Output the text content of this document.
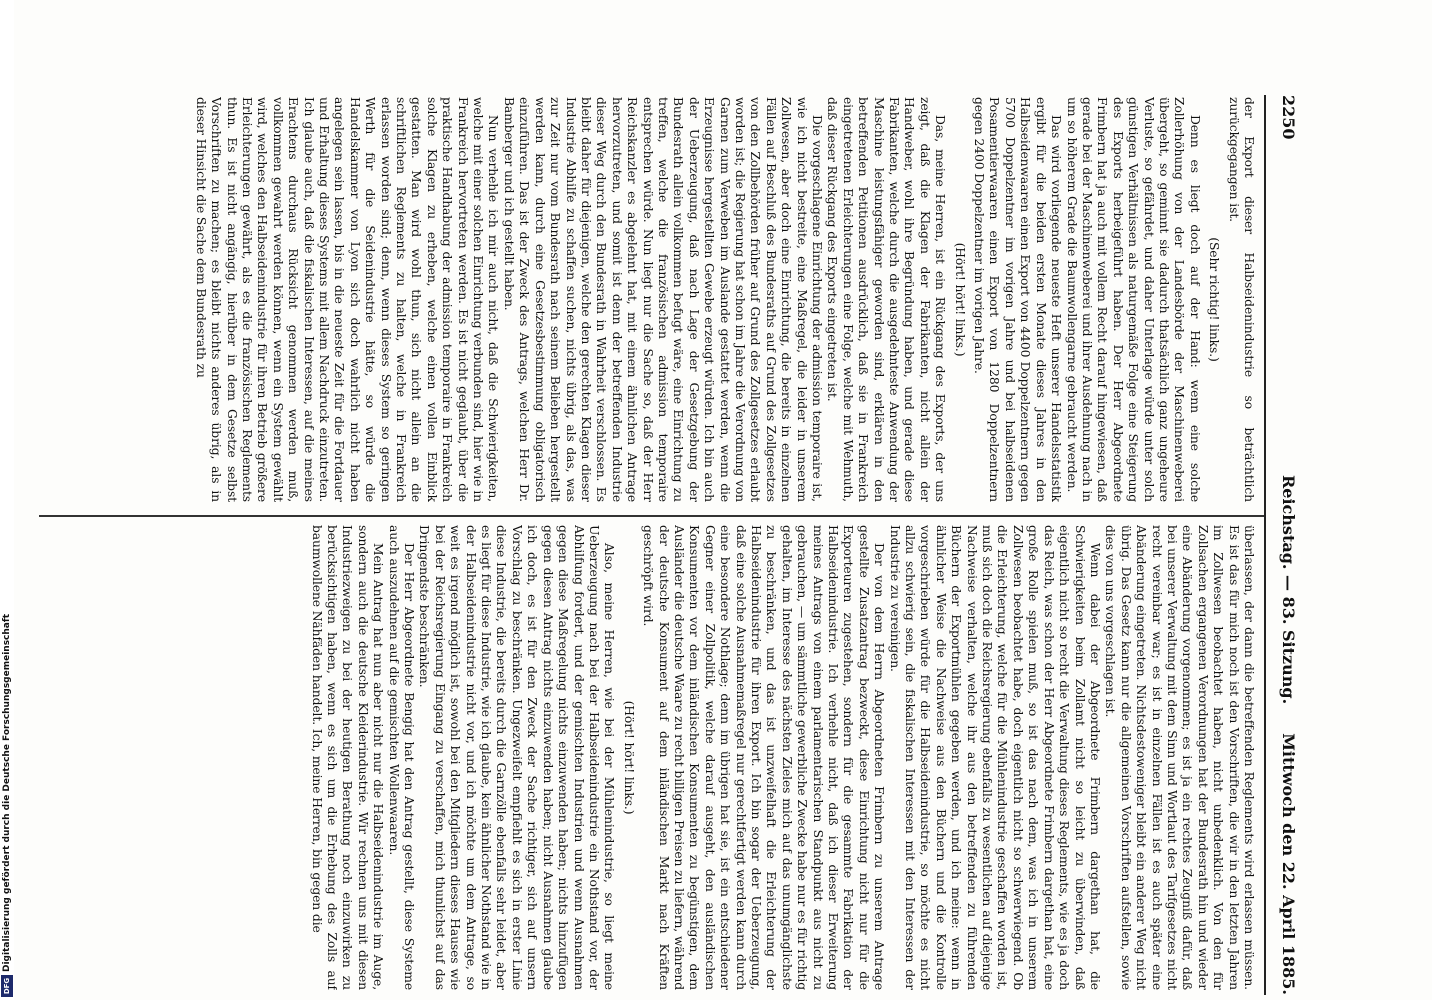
2250
Reichstag. — 83. Sitzung.
Mittwoch den 22. April 1885.

der Export dieser Halbseidenindustrie so beträchtlich zurückgegangen ist.

(Sehr richtig! links.)

Denn es liegt doch auf der Hand: wenn eine solche Zollerhöhung von der Landesbörde der Maschinenweberei übergeht, so geminnt sie dadurch thatsächlich ganz ungeheure Verluste, so gefährdet, und daher Unterlage würde unter solch günstigen Verhältnissen als naturgemäße Folge eine Steigerung des Exports herbeigeführt haben. Der Herr Abgeordnete Frimbern hat ja auch mit vollem Recht darauf hingewiesen, daß gerade bei der Maschinenweberei und ihrer Ausdehnung nach in um so höherem Grade die Baumwollengarne gebraucht werden.

Das wird vorliegende neueste Heft unserer Handelsstatistik ergibt für die beiden ersten Monate dieses Jahres in den Halbseidenwaaren einen Export von 4400 Doppelzentnern gegen 5700 Doppelzentner im vorigen Jahre und bei halbseidenen Posamentierwaaren einen Export von 1280 Doppelzentnern gegen 2400 Doppelzentner im vorigen Jahre.

(Hört! hört! links.)

Das, meine Herren, ist ein Rückgang des Exports, der uns zeigt, daß die Klagen der Fabrikanten, nicht allein der Handweber, wohl ihre Begründung haben, und gerade diese Fabrikanten, welche durch die ausgedehnteste Anwendung der Maschine leistungsfähiger geworden sind, erklären in den betreffenden Petitionen ausdrücklich, daß sie in Frankreich eingetretenen Erleichterungen eine Folge, welche mit Wehmuth, daß dieser Rückgang des Exports eingetreten ist.

Die vorgeschlagene Einrichtung der admission temporaire ist, wie ich nicht bestreite, eine Maßregel, die leider in unserem Zollwesen, aber doch eine Einrichtung, die bereits in einzelnen Fällen auf Beschluß des Bundesraths auf Grund des Zollgesetzes von den Zollbehörden früher auf Grund des Zollgesetzes erlaubt worden ist; die Regierung hat schon im Jahre die Verordnung von Garnen zum Verweben im Auslande gestattet werden, wenn die Erzeugnisse hergestellten Gewebe erzeugt würden. Ich bin auch der Ueberzeugung, daß nach Lage der Gesetzgebung der Bundesrath allein vollkommen befugt wäre, eine Einrichtung zu treffen, welche die französischen admission temporaire entsprechen würde. Nun liegt nur die Sache so, daß der Herr Reichskanzler es abgelehnt hat, mit einem ähnlichen Antrage hervorzutreten, und somit ist denn der betreffenden Industrie dieser Weg durch den Bundesrath in Wahrheit verschlossen. Es bleibt daher für diejenigen, welche den gerechten Klagen dieser Industrie Abhilfe zu schaffen suchen, nichts übrig, als das, was zur Zeit nur vom Bundesrath nach seinem Belieben hergestellt werden kann, durch eine Gesetzesbestimmung obligatorisch einzuführen. Das ist der Zweck des Antrags, welchen Herr Dr. Bamberger und ich gestellt haben.

Nun verhehle ich mir auch nicht, daß die Schwierigkeiten, welche mit einer solchen Einrichtung verbunden sind, hier wie in Frankreich hervortreten werden. Es ist nicht geglaubt, über die praktische Handhabung der admission temporaire in Frankreich solche Klagen zu erheben, welche einen vollen Einblick gestatten. Man wird wohl thun, sich nicht allein an die schriftlichen Reglements zu halten, welche in Frankreich erlassen worden sind; denn, wenn dieses System so geringen Werth für die Seidenindustrie hätte, so würde die Handelskammer von Lyon sich doch wahrlich nicht haben angelegen sein lassen, bis in die neueste Zeit für die Fortdauer und Erhaltung dieses Systems mit allem Nachdruck einzutreten. Ich glaube auch, daß die fiskalischen Interessen, auf die meines Erachtens durchaus Rücksicht genommen werden muß, vollkommen gewahrt werden können, wenn ein System gewählt wird, welches den Halbseidenindustrie für ihren Betrieb größere Erleichterungen gewährt, als es die französischen Reglements thun. Es ist nicht angängig, hierüber in dem Gesetze selbst Vorschriften zu machen; es bleibt nichts anderes übrig, als in dieser Hinsicht die Sache dem Bundesrath zu

überlassen, der dann die betreffenden Reglements wird erlassen müssen. Es ist das für mich noch ist den Vorschriften, die wir in den letzten Jahren im Zollwesen beobachtet haben, nicht unbedenklich. Von den für Zollsachen ergangenen Verordnungen hat der Bundesrath hin und wieder eine Abänderung vorgenommen; es ist ja ein rechtes Zeugniß dafür, daß bei unserer Verwaltung mit dem Sinn und Wortlaut des Tarifgesetzes nicht recht vereinbar war; es ist in einzelnen Fällen ist es auch später eine Abänderung eingetreten. Nichtsdestoweniger bleibt ein anderer Weg nicht übrig. Das Gesetz kann nur die allgemeinen Vorschriften aufstellen, sowie dies von uns vorgeschlagen ist.

Wenn dabei der Abgeordnete Frimbern dargethan hat, die Schwierigkeiten beim Zollamt nicht so leicht zu überwinden, daß eigentlich nicht so recht die Verwaltung dieses Reglements, wie es ja doch das Reich, was schon der Herr Abgeordnete Frimbern dargethan hat, eine große Rolle spielen muß, so ist das nach dem, was ich in unserem Zollwesen beobachtet habe, doch eigentlich nicht so schwerwiegend. Ob die Erleichterung, welche für die Mühlenindustrie geschaffen worden ist, muß sich doch die Reichsregierung ebenfalls zu wesentlichen auf diejenige Nachweise verhalten, welche ihr aus den betreffenden zu führenden Büchern der Exportmühlen gegeben werden, und ich meine: wenn in ähnlicher Weise die Nachweise aus den Büchern und die Kontrolle vorgeschrieben würde für die Halbseidenindustrie, so möchte es nicht allzu schwierig sein, die fiskalischen Interessen mit den Interessen der Industrie zu vereinigen.

Der von dem Herrn Abgeordneten Frimbern zu unserem Antrage gestellte Zusatzantrag bezweckt, diese Einrichtung nicht nur für die Exporteuren zugestehen, sondern für die gesammte Fabrikation der Halbseidenindustrie. Ich verhehle nicht, daß ich dieser Erweiterung meines Antrags von einem parlamentarischen Standpunkt aus nicht zu gebrauchen, — um sämmtliche gewerbliche Zwecke habe nur es für richtig gehalten, im Interesse des nächsten Zieles mich auf das unumgänglichste zu beschränken, und das ist unzweifelhaft die Erleichterung der Halbseidenindustrie für ihren Export. Ich bin sogar der Ueberzeugung, daß eine solche Ausnahmemaßregel nur gerechtfertigt werden kann durch eine besondere Nothlage; denn im übrigen hat sie, ist ein entschiedener Gegner einer Zollpolitik, welche darauf ausgeht, den ausländischen Konsumenten vor dem inländischen Konsumenten zu begünstigen, dem Ausländer die deutsche Waare zu recht billigen Preisen zu liefern, während der deutsche Konsument auf dem inländischen Markt nach Kräften geschröpft wird.

(Hört! hört! links.)

Also, meine Herren, wie bei der Mühlenindustrie, so liegt meine Ueberzeugung nach bei der Halbseidenindustrie ein Nothstand vor, der Abhilfung fordert, und der gemischten Industrien und wenn Ausnahmen gegen diese Maßregelung nichts einzuwenden haben; nichts hinzufügen gegen diesen Antrag nichts einzuwenden haben; nicht Ausnahmen glaube ich doch, es ist für den Zweck der Sache richtiger, sich auf unsern Vorschlag zu beschränken. Ungezweifelt empfiehlt es sich in erster Linie diese Industrie, die bereits durch die Garnzölle ebenfalls sehr leidet, aber es liegt für diese Industrie, wie ich glaube, kein ähnlicher Nothstand wie in der Halbseidenindustrie nicht vor, und ich möchte um dem Antrage, so weit es irgend möglich ist, sowohl bei den Mitgliedern dieses Hauses wie bei der Reichsregierung Eingang zu verschaffen, mich thunlichst auf das Dringendste beschränken.

Der Herr Abgeordnete Bengig hat den Antrag gestellt, diese Systeme auch auszudehnen auf die gemischten Wollenwaaren.

Mein Antrag hat nun aber nicht nur die Halbseidenindustrie im Auge, sondern auch die deutsche Kleiderindustrie. Wir rechnen uns mit diesen Industriezweigen zu bei der heutigen Berathung noch einzuwirken zu berücksichtigen haben, wenn es sich um die Erhebung des Zolls auf baumwollene Nähfäden handelt. Ich, meine Herren, bin gegen die

Digitalisierung gefördert durch die Deutsche Forschungsgemeinschaft
DFG
